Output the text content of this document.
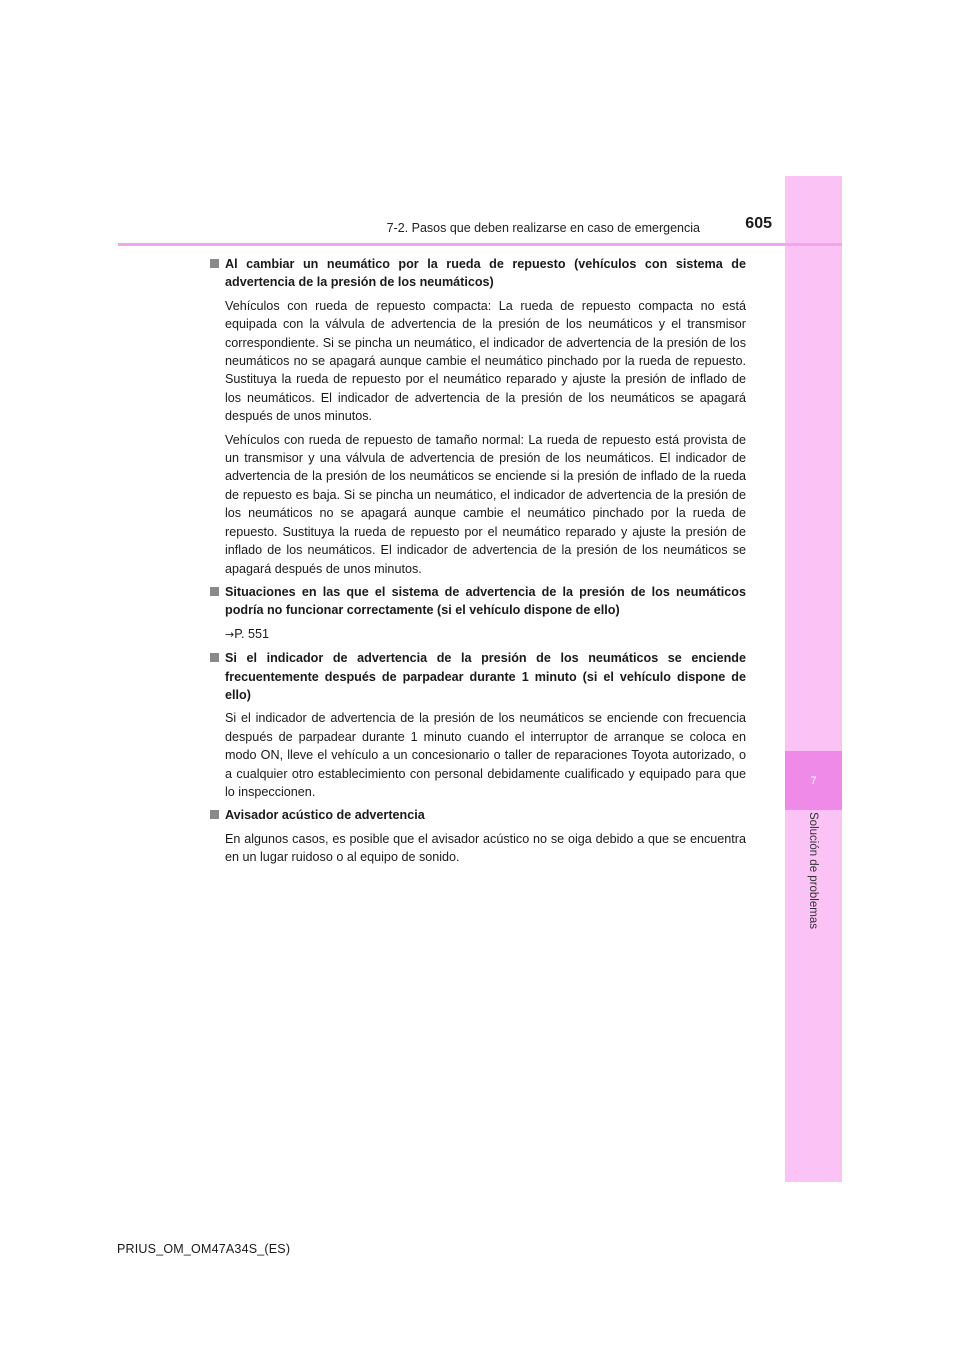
7
Solución de problemas
7-2. Pasos que deben realizarse en caso de emergencia	605
Al cambiar un neumático por la rueda de repuesto (vehículos con sistema de advertencia de la presión de los neumáticos)

Vehículos con rueda de repuesto compacta: La rueda de repuesto compacta no está equipada con la válvula de advertencia de la presión de los neumáticos y el transmisor correspondiente. Si se pincha un neumático, el indicador de advertencia de la presión de los neumáticos no se apagará aunque cambie el neumático pinchado por la rueda de repuesto. Sustituya la rueda de repuesto por el neumático reparado y ajuste la presión de inflado de los neumáticos. El indicador de advertencia de la presión de los neumáticos se apagará después de unos minutos.

Vehículos con rueda de repuesto de tamaño normal: La rueda de repuesto está provista de un transmisor y una válvula de advertencia de presión de los neumáticos. El indicador de advertencia de la presión de los neumáticos se enciende si la presión de inflado de la rueda de repuesto es baja. Si se pincha un neumático, el indicador de advertencia de la presión de los neumáticos no se apagará aunque cambie el neumático pinchado por la rueda de repuesto. Sustituya la rueda de repuesto por el neumático reparado y ajuste la presión de inflado de los neumáticos. El indicador de advertencia de la presión de los neumáticos se apagará después de unos minutos.

Situaciones en las que el sistema de advertencia de la presión de los neumáticos podría no funcionar correctamente (si el vehículo dispone de ello)

→P. 551

Si el indicador de advertencia de la presión de los neumáticos se enciende frecuentemente después de parpadear durante 1 minuto (si el vehículo dispone de ello)

Si el indicador de advertencia de la presión de los neumáticos se enciende con frecuencia después de parpadear durante 1 minuto cuando el interruptor de arranque se coloca en modo ON, lleve el vehículo a un concesionario o taller de reparaciones Toyota autorizado, o a cualquier otro establecimiento con personal debidamente cualificado y equipado para que lo inspeccionen.

Avisador acústico de advertencia

En algunos casos, es posible que el avisador acústico no se oiga debido a que se encuentra en un lugar ruidoso o al equipo de sonido.

PRIUS_OM_OM47A34S_(ES)
